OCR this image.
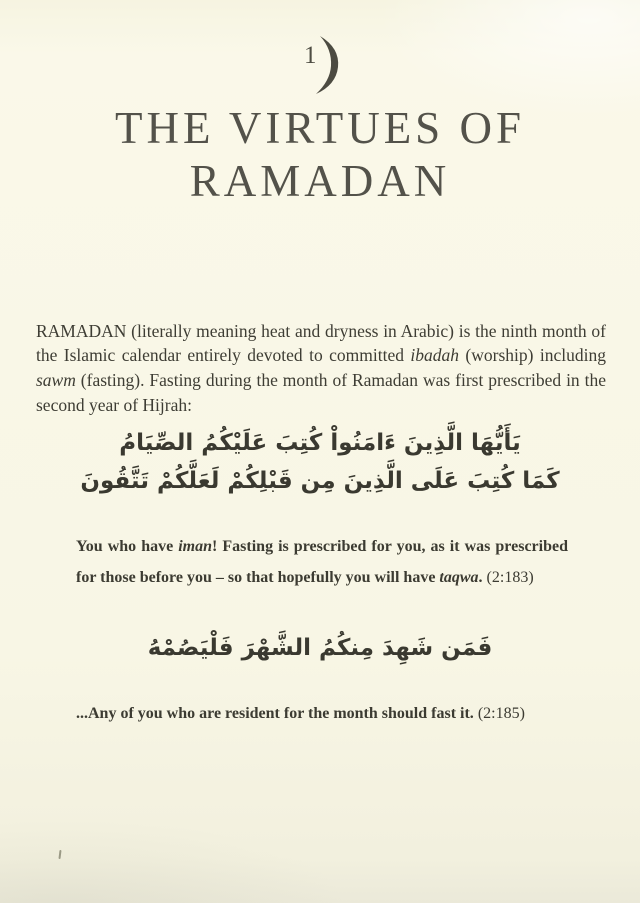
1
THE VIRTUES OF
RAMADAN

RAMADAN (literally meaning heat and dryness in Arabic) is the ninth month of the Islamic calendar entirely devoted to committed ibadah (worship) including sawm (fasting). Fasting during the month of Ramadan was first prescribed in the second year of Hijrah:

يَأَيُّهَا الَّذِينَ ءَامَنُواْ كُتِبَ عَلَيْكُمُ الصِّيَامُ
كَمَا كُتِبَ عَلَى الَّذِينَ مِن قَبْلِكُمْ لَعَلَّكُمْ تَتَّقُونَ

You who have iman! Fasting is prescribed for you, as it was prescribed for those before you – so that hopefully you will have taqwa. (2:183)

فَمَن شَهِدَ مِنكُمُ الشَّهْرَ فَلْيَصُمْهُ

...Any of you who are resident for the month should fast it. (2:185)
